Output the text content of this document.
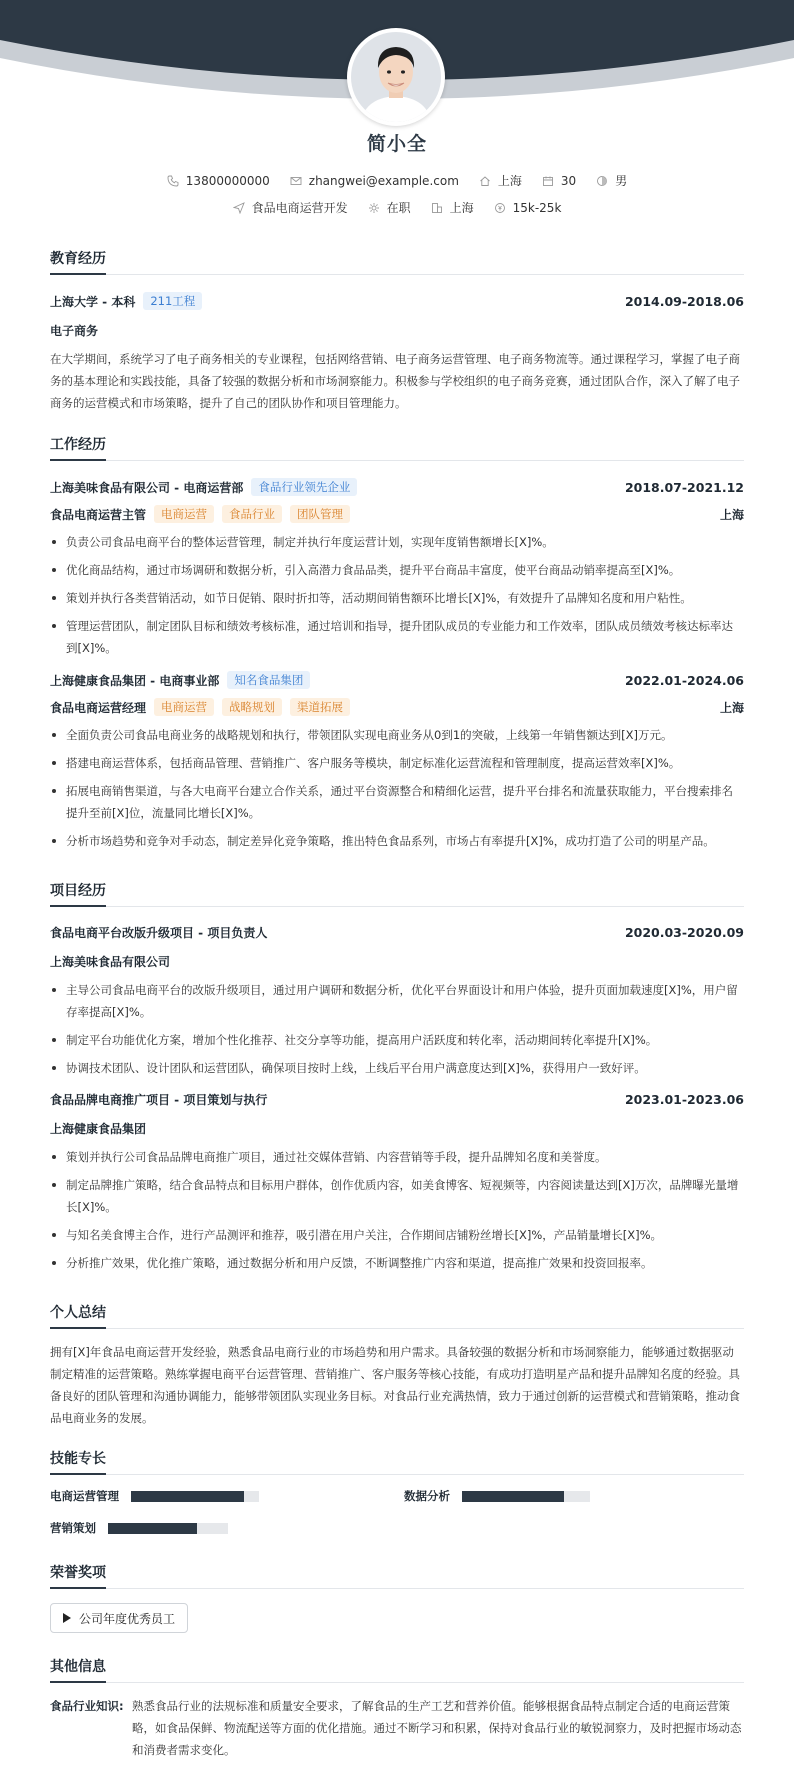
简小全
13800000000	zhangwei@example.com	上海	30	男
食品电商运营开发	在职	上海	15k-25k
教育经历
上海大学 - 本科	211工程	2014.09-2018.06
电子商务
在大学期间，系统学习了电子商务相关的专业课程，包括网络营销、电子商务运营管理、电子商务物流等。通过课程学习，掌握了电子商务的基本理论和实践技能，具备了较强的数据分析和市场洞察能力。积极参与学校组织的电子商务竞赛，通过团队合作，深入了解了电子商务的运营模式和市场策略，提升了自己的团队协作和项目管理能力。
工作经历
上海美味食品有限公司 - 电商运营部	食品行业领先企业	2018.07-2021.12
食品电商运营主管	电商运营	食品行业	团队管理	上海
负责公司食品电商平台的整体运营管理，制定并执行年度运营计划，实现年度销售额增长[X]%。
优化商品结构，通过市场调研和数据分析，引入高潜力食品品类，提升平台商品丰富度，使平台商品动销率提高至[X]%。
策划并执行各类营销活动，如节日促销、限时折扣等，活动期间销售额环比增长[X]%，有效提升了品牌知名度和用户粘性。
管理运营团队，制定团队目标和绩效考核标准，通过培训和指导，提升团队成员的专业能力和工作效率，团队成员绩效考核达标率达到[X]%。
上海健康食品集团 - 电商事业部	知名食品集团	2022.01-2024.06
食品电商运营经理	电商运营	战略规划	渠道拓展	上海
全面负责公司食品电商业务的战略规划和执行，带领团队实现电商业务从0到1的突破，上线第一年销售额达到[X]万元。
搭建电商运营体系，包括商品管理、营销推广、客户服务等模块，制定标准化运营流程和管理制度，提高运营效率[X]%。
拓展电商销售渠道，与各大电商平台建立合作关系，通过平台资源整合和精细化运营，提升平台排名和流量获取能力，平台搜索排名提升至前[X]位，流量同比增长[X]%。
分析市场趋势和竞争对手动态，制定差异化竞争策略，推出特色食品系列，市场占有率提升[X]%，成功打造了公司的明星产品。
项目经历
食品电商平台改版升级项目 - 项目负责人	2020.03-2020.09
上海美味食品有限公司
主导公司食品电商平台的改版升级项目，通过用户调研和数据分析，优化平台界面设计和用户体验，提升页面加载速度[X]%，用户留存率提高[X]%。
制定平台功能优化方案，增加个性化推荐、社交分享等功能，提高用户活跃度和转化率，活动期间转化率提升[X]%。
协调技术团队、设计团队和运营团队，确保项目按时上线，上线后平台用户满意度达到[X]%，获得用户一致好评。
食品品牌电商推广项目 - 项目策划与执行	2023.01-2023.06
上海健康食品集团
策划并执行公司食品品牌电商推广项目，通过社交媒体营销、内容营销等手段，提升品牌知名度和美誉度。
制定品牌推广策略，结合食品特点和目标用户群体，创作优质内容，如美食博客、短视频等，内容阅读量达到[X]万次，品牌曝光量增长[X]%。
与知名美食博主合作，进行产品测评和推荐，吸引潜在用户关注，合作期间店铺粉丝增长[X]%，产品销量增长[X]%。
分析推广效果，优化推广策略，通过数据分析和用户反馈，不断调整推广内容和渠道，提高推广效果和投资回报率。
个人总结
拥有[X]年食品电商运营开发经验，熟悉食品电商行业的市场趋势和用户需求。具备较强的数据分析和市场洞察能力，能够通过数据驱动制定精准的运营策略。熟练掌握电商平台运营管理、营销推广、客户服务等核心技能，有成功打造明星产品和提升品牌知名度的经验。具备良好的团队管理和沟通协调能力，能够带领团队实现业务目标。对食品行业充满热情，致力于通过创新的运营模式和营销策略，推动食品电商业务的发展。
技能专长
电商运营管理	数据分析
营销策划
荣誉奖项
公司年度优秀员工
其他信息
食品行业知识: 熟悉食品行业的法规标准和质量安全要求，了解食品的生产工艺和营养价值。能够根据食品特点制定合适的电商运营策略，如食品保鲜、物流配送等方面的优化措施。通过不断学习和积累，保持对食品行业的敏锐洞察力，及时把握市场动态和消费者需求变化。
